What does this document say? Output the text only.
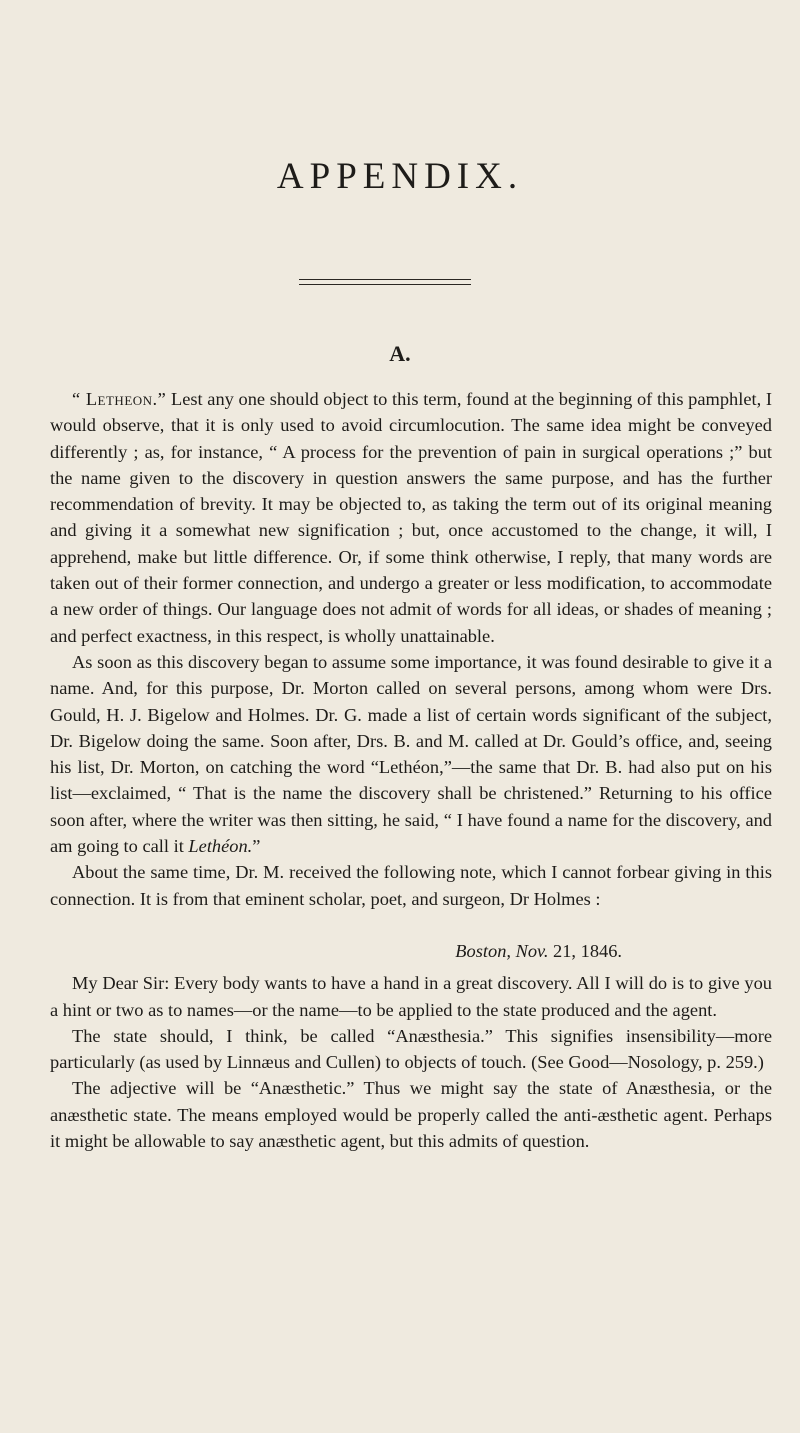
APPENDIX.
A.

“ Letheon.” Lest any one should object to this term, found at the beginning of this pamphlet, I would observe, that it is only used to avoid circumlocution. The same idea might be conveyed differently ; as, for instance, “ A process for the prevention of pain in surgical operations ;” but the name given to the discovery in question answers the same purpose, and has the further recommendation of brevity. It may be objected to, as taking the term out of its original meaning and giving it a somewhat new signification ; but, once accustomed to the change, it will, I apprehend, make but little difference. Or, if some think otherwise, I reply, that many words are taken out of their former connection, and undergo a greater or less modification, to accommodate a new order of things. Our language does not admit of words for all ideas, or shades of meaning ; and perfect exactness, in this respect, is wholly unattainable.

As soon as this discovery began to assume some importance, it was found desirable to give it a name. And, for this purpose, Dr. Morton called on several persons, among whom were Drs. Gould, H. J. Bigelow and Holmes. Dr. G. made a list of certain words significant of the subject, Dr. Bigelow doing the same. Soon after, Drs. B. and M. called at Dr. Gould’s office, and, seeing his list, Dr. Morton, on catching the word “Lethéon,”—the same that Dr. B. had also put on his list—exclaimed, “ That is the name the discovery shall be christened.” Returning to his office soon after, where the writer was then sitting, he said, “ I have found a name for the discovery, and am going to call it Lethéon.”

About the same time, Dr. M. received the following note, which I cannot forbear giving in this connection. It is from that eminent scholar, poet, and surgeon, Dr Holmes :

Boston, Nov. 21, 1846.

My Dear Sir: Every body wants to have a hand in a great discovery. All I will do is to give you a hint or two as to names—or the name—to be applied to the state produced and the agent.

The state should, I think, be called “Anæsthesia.” This signifies insensibility—more particularly (as used by Linnæus and Cullen) to objects of touch. (See Good—Nosology, p. 259.)

The adjective will be “Anæsthetic.” Thus we might say the state of Anæsthesia, or the anæsthetic state. The means employed would be properly called the anti-æsthetic agent. Perhaps it might be allowable to say anæsthetic agent, but this admits of question.
